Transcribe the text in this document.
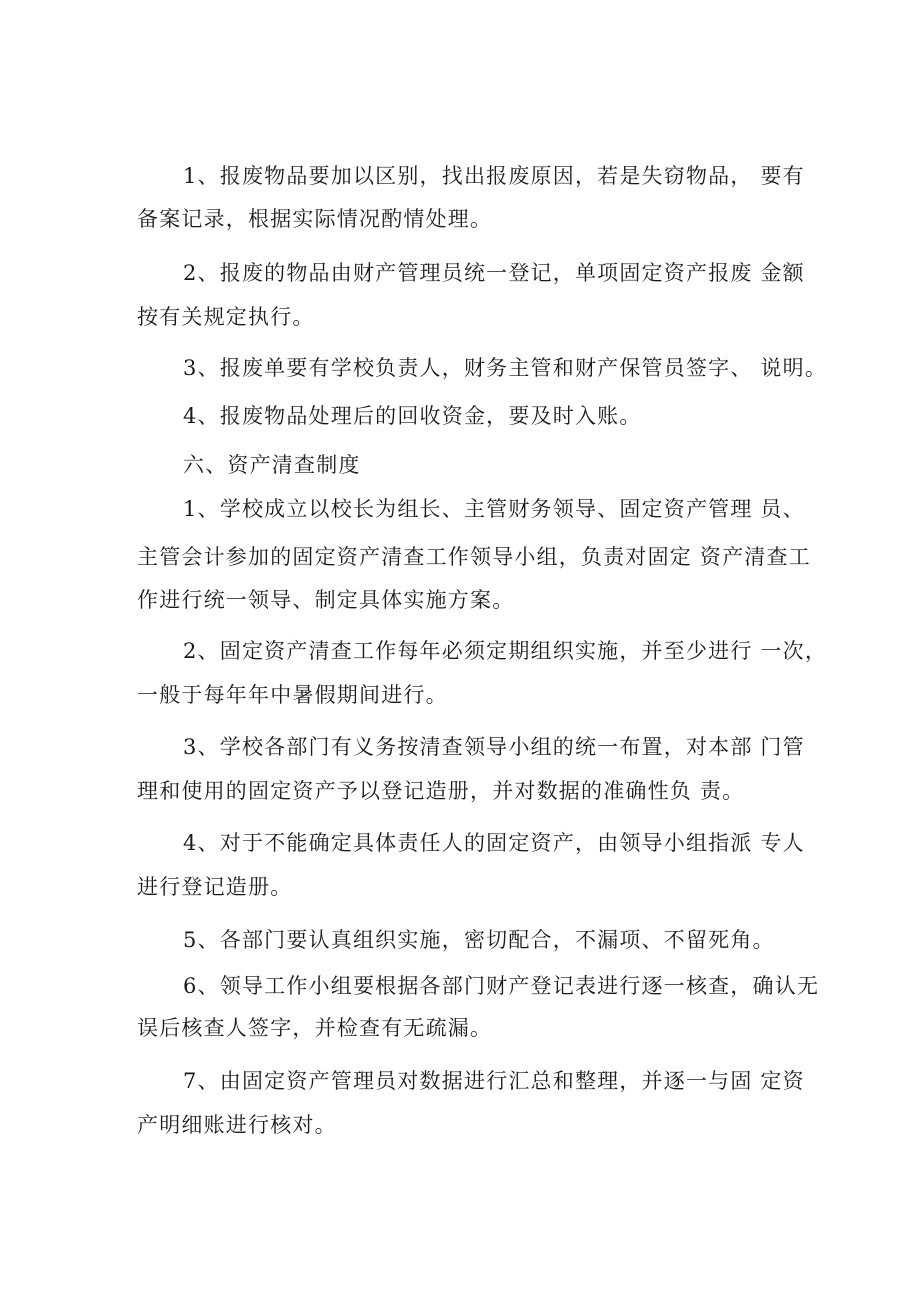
1、报废物品要加以区别，找出报废原因，若是失窃物品， 要有
备案记录，根据实际情况酌情处理。
2、报废的物品由财产管理员统一登记，单项固定资产报废 金额
按有关规定执行。
3、报废单要有学校负责人，财务主管和财产保管员签字、 说明。
4、报废物品处理后的回收资金，要及时入账。
六、资产清查制度
1、学校成立以校长为组长、主管财务领导、固定资产管理 员、
主管会计参加的固定资产清查工作领导小组，负责对固定 资产清查工
作进行统一领导、制定具体实施方案。
2、固定资产清查工作每年必须定期组织实施，并至少进行 一次，
一般于每年年中暑假期间进行。
3、学校各部门有义务按清查领导小组的统一布置，对本部 门管
理和使用的固定资产予以登记造册，并对数据的准确性负 责。
4、对于不能确定具体责任人的固定资产，由领导小组指派 专人
进行登记造册。
5、各部门要认真组织实施，密切配合，不漏项、不留死角。
6、领导工作小组要根据各部门财产登记表进行逐一核查，确认无
误后核查人签字，并检查有无疏漏。
7、由固定资产管理员对数据进行汇总和整理，并逐一与固 定资
产明细账进行核对。
